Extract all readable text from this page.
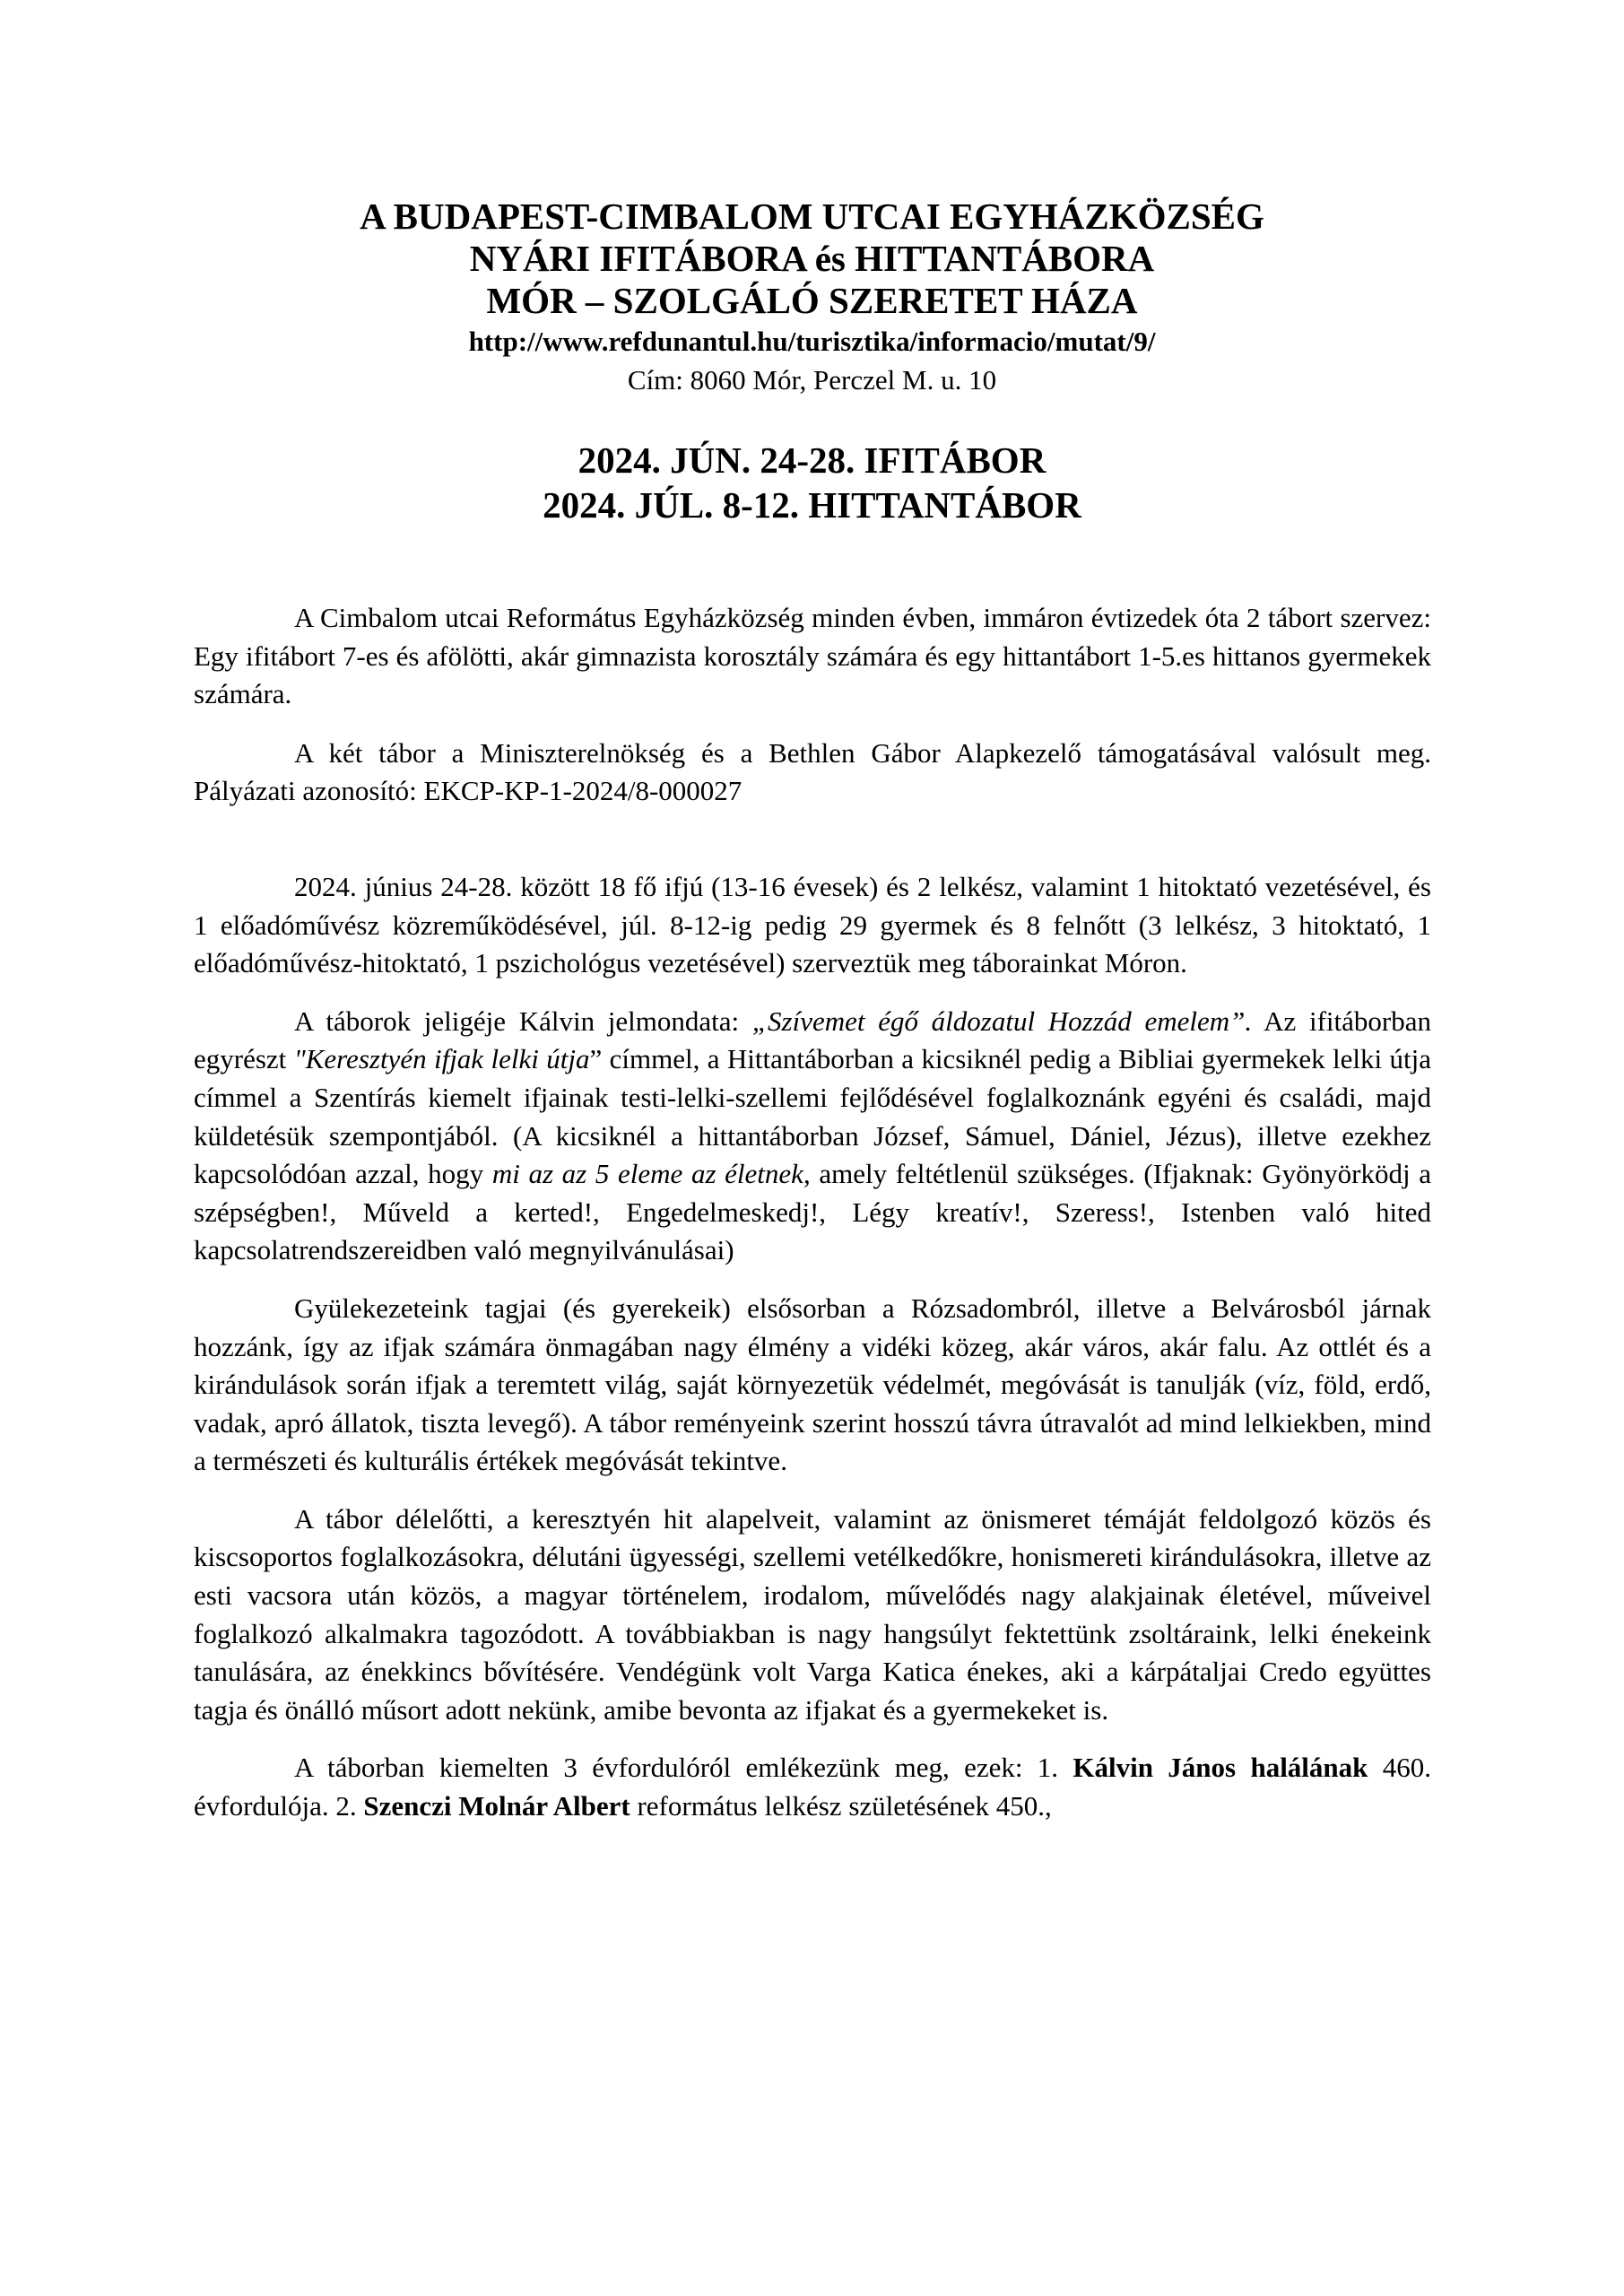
A BUDAPEST-CIMBALOM UTCAI EGYHÁZKÖZSÉG
NYÁRI IFITÁBORA és HITTANTÁBORA
MÓR – SZOLGÁLÓ SZERETET HÁZA
http://www.refdunantul.hu/turisztika/informacio/mutat/9/
Cím: 8060 Mór, Perczel M. u. 10
2024. JÚN. 24-28. IFITÁBOR
2024. JÚL. 8-12. HITTANTÁBOR

A Cimbalom utcai Református Egyházközség minden évben, immáron évtizedek óta 2 tábort szervez: Egy ifitábort 7-es és afölötti, akár gimnazista korosztály számára és egy hittantábort 1-5.es hittanos gyermekek számára.

A két tábor a Miniszterelnökség és a Bethlen Gábor Alapkezelő támogatásával valósult meg. Pályázati azonosító: EKCP-KP-1-2024/8-000027

2024. június 24-28. között 18 fő ifjú (13-16 évesek) és 2 lelkész, valamint 1 hitoktató vezetésével, és 1 előadóművész közreműködésével, júl. 8-12-ig pedig 29 gyermek és 8 felnőtt (3 lelkész, 3 hitoktató, 1 előadóművész-hitoktató, 1 pszichológus vezetésével) szerveztük meg táborainkat Móron.

A táborok jeligéje Kálvin jelmondata: „Szívemet égő áldozatul Hozzád emelem”. Az ifitáborban egyrészt "Keresztyén ifjak lelki útja” címmel, a Hittantáborban a kicsiknél pedig a Bibliai gyermekek lelki útja címmel a Szentírás kiemelt ifjainak testi-lelki-szellemi fejlődésével foglalkoznánk egyéni és családi, majd küldetésük szempontjából. (A kicsiknél a hittantáborban József, Sámuel, Dániel, Jézus), illetve ezekhez kapcsolódóan azzal, hogy mi az az 5 eleme az életnek, amely feltétlenül szükséges. (Ifjaknak: Gyönyörködj a szépségben!, Műveld a kerted!, Engedelmeskedj!, Légy kreatív!, Szeress!, Istenben való hited kapcsolatrendszereidben való megnyilvánulásai)

Gyülekezeteink tagjai (és gyerekeik) elsősorban a Rózsadombról, illetve a Belvárosból járnak hozzánk, így az ifjak számára önmagában nagy élmény a vidéki közeg, akár város, akár falu. Az ottlét és a kirándulások során ifjak a teremtett világ, saját környezetük védelmét, megóvását is tanulják (víz, föld, erdő, vadak, apró állatok, tiszta levegő). A tábor reményeink szerint hosszú távra útravalót ad mind lelkiekben, mind a természeti és kulturális értékek megóvását tekintve.

A tábor délelőtti, a keresztyén hit alapelveit, valamint az önismeret témáját feldolgozó közös és kiscsoportos foglalkozásokra, délutáni ügyességi, szellemi vetélkedőkre, honismereti kirándulásokra, illetve az esti vacsora után közös, a magyar történelem, irodalom, művelődés nagy alakjainak életével, műveivel foglalkozó alkalmakra tagozódott. A továbbiakban is nagy hangsúlyt fektettünk zsoltáraink, lelki énekeink tanulására, az énekkincs bővítésére. Vendégünk volt Varga Katica énekes, aki a kárpátaljai Credo együttes tagja és önálló műsort adott nekünk, amibe bevonta az ifjakat és a gyermekeket is.

A táborban kiemelten 3 évfordulóról emlékezünk meg, ezek: 1. Kálvin János halálának 460. évfordulója. 2. Szenczi Molnár Albert református lelkész születésének 450.,
